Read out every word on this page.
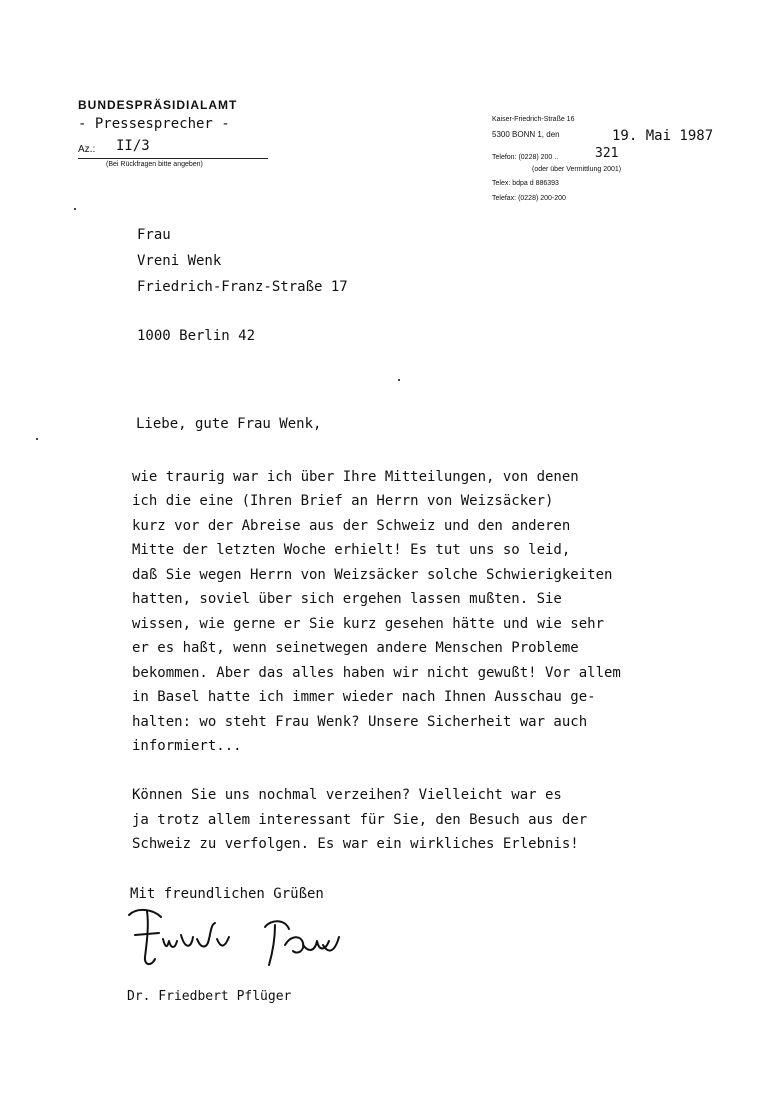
BUNDESPRÄSIDIALAMT
- Pressesprecher -
Az.: II/3
(Bei Rückfragen bitte angeben)
Kaiser-Friedrich-Straße 16
5300 BONN 1, den	19. Mai 1987
Telefon: (0228) 200 ..	321
(oder über Vermittlung 2001)
Telex: bdpa d 886393
Telefax: (0228) 200-200
Frau
Vreni Wenk
Friedrich-Franz-Straße 17
1000 Berlin 42
Liebe, gute Frau Wenk,
wie traurig war ich über Ihre Mitteilungen, von denen
ich die eine (Ihren Brief an Herrn von Weizsäcker)
kurz vor der Abreise aus der Schweiz und den anderen
Mitte der letzten Woche erhielt! Es tut uns so leid,
daß Sie wegen Herrn von Weizsäcker solche Schwierigkeiten
hatten, soviel über sich ergehen lassen mußten. Sie
wissen, wie gerne er Sie kurz gesehen hätte und wie sehr
er es haßt, wenn seinetwegen andere Menschen Probleme
bekommen. Aber das alles haben wir nicht gewußt! Vor allem
in Basel hatte ich immer wieder nach Ihnen Ausschau ge-
halten: wo steht Frau Wenk? Unsere Sicherheit war auch
informiert...
Können Sie uns nochmal verzeihen? Vielleicht war es
ja trotz allem interessant für Sie, den Besuch aus der
Schweiz zu verfolgen. Es war ein wirkliches Erlebnis!
Mit freundlichen Grüßen
Dr. Friedbert Pflüger
